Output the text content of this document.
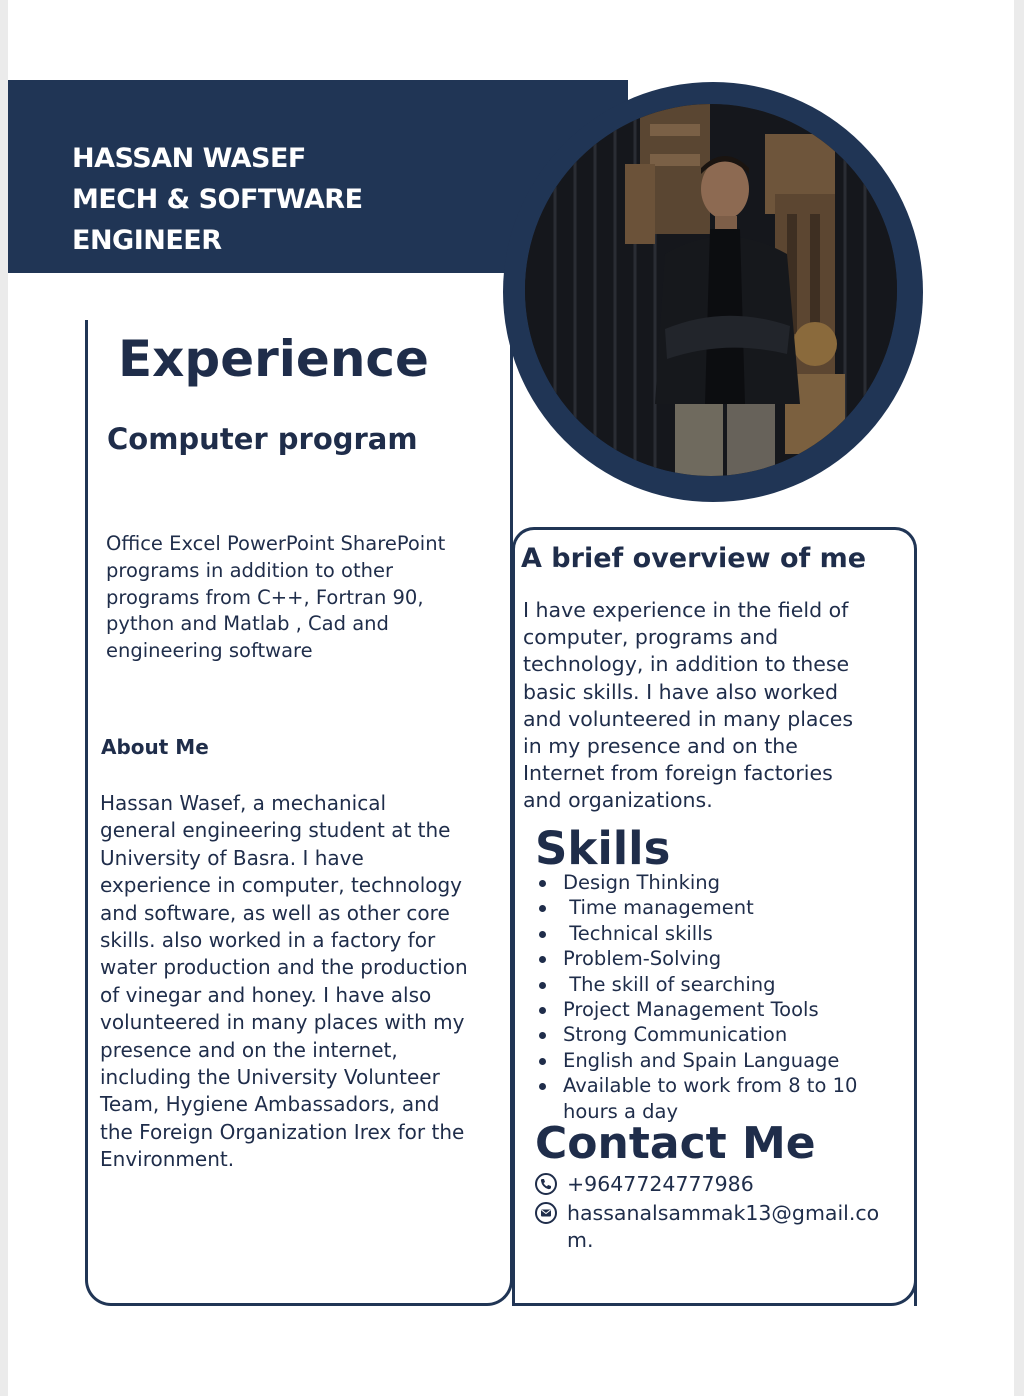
HASSAN WASEF
MECH & SOFTWARE
ENGINEER
Experience
Computer program
Office Excel PowerPoint SharePoint
programs in addition to other
programs from C++, Fortran 90,
python and Matlab , Cad and
engineering software
About Me
Hassan Wasef, a mechanical
general engineering student at the
University of Basra. I have
experience in computer, technology
and software, as well as other core
skills. also worked in a factory for
water production and the production
of vinegar and honey. I have also
volunteered in many places with my
presence and on the internet,
including the University Volunteer
Team, Hygiene Ambassadors, and
the Foreign Organization Irex for the
Environment.
A brief overview of me
I have experience in the field of
computer, programs and
technology, in addition to these
basic skills. I have also worked
and volunteered in many places
in my presence and on the
Internet from foreign factories
and organizations.
Skills
Design Thinking
Time management
Technical skills
Problem-Solving
The skill of searching
Project Management Tools
Strong Communication
English and Spain Language
Available to work from 8 to 10
hours a day
Contact Me
+9647724777986
hassanalsammak13@gmail.com.
